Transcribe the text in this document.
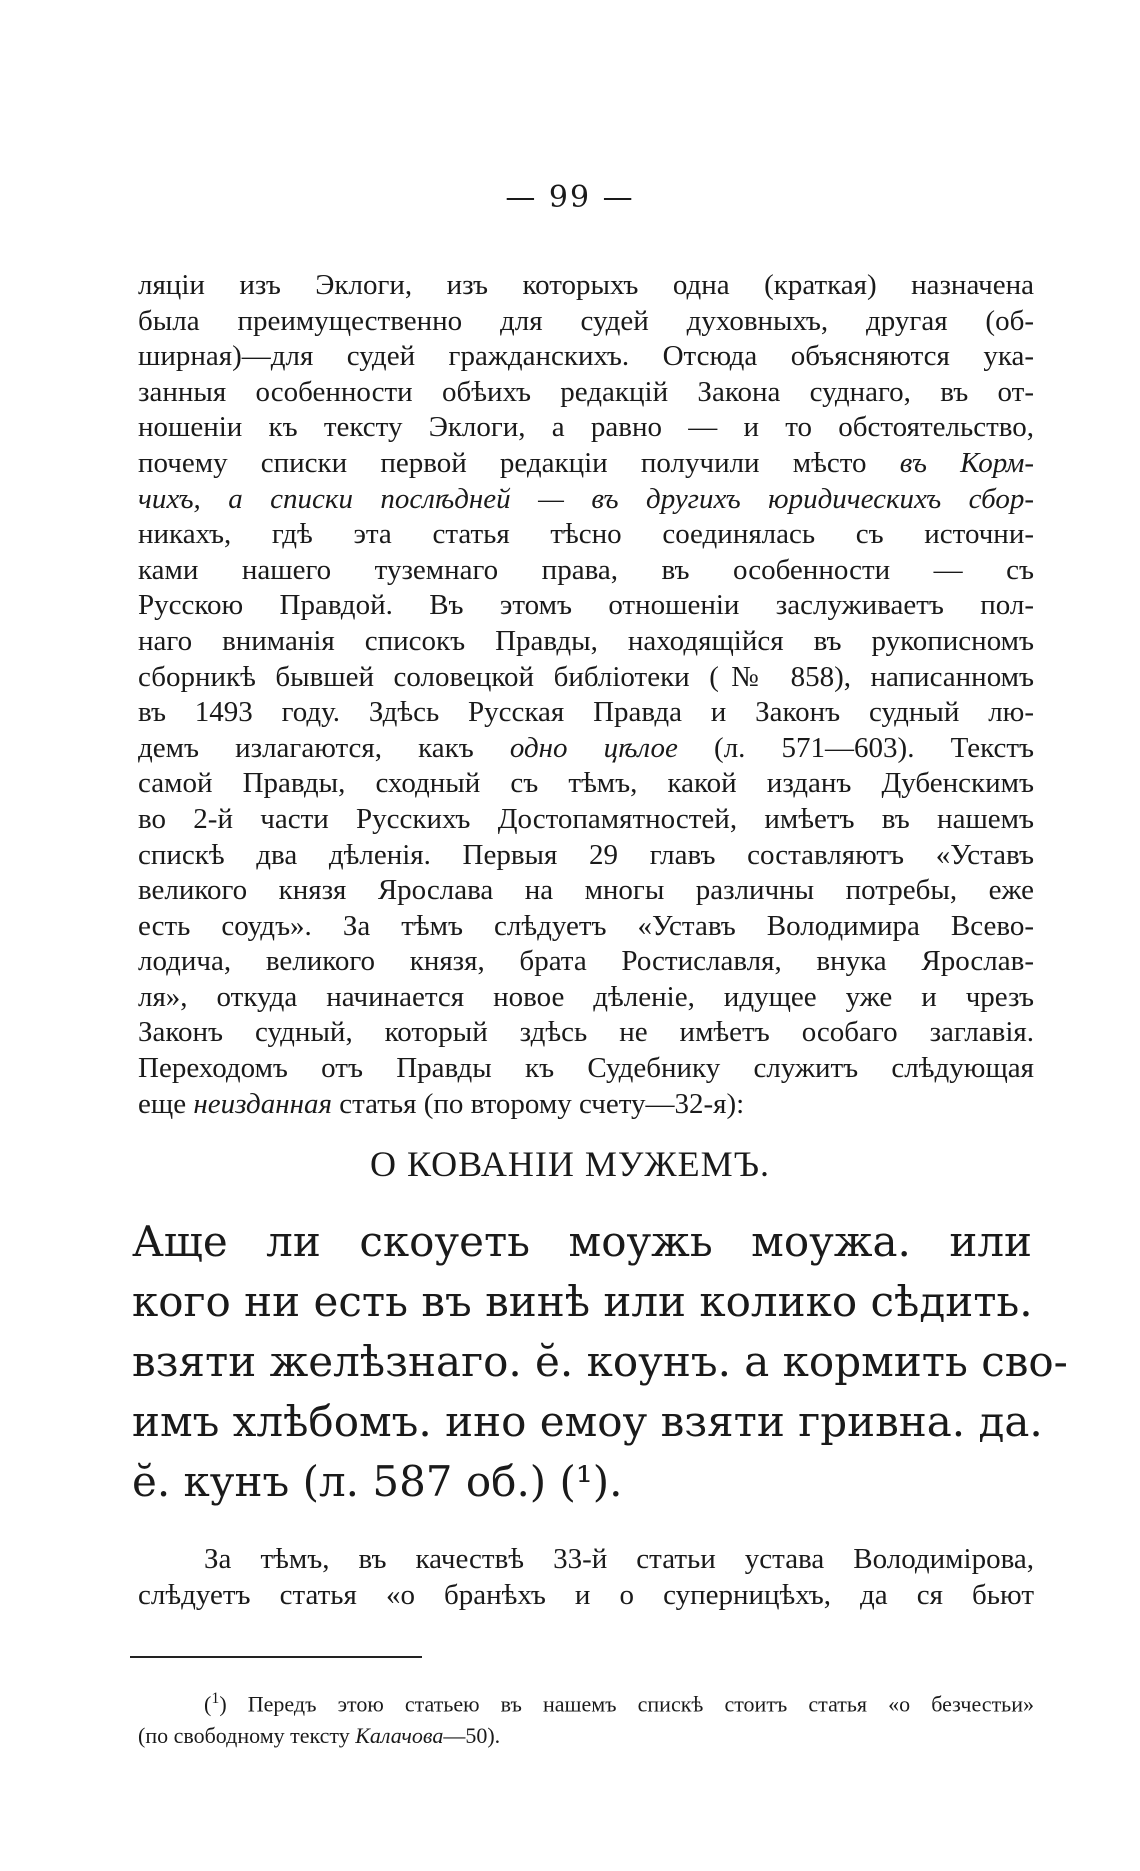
— 99 —
ляціи изъ Эклоги, изъ которыхъ одна (краткая) назначена
была преимущественно для судей духовныхъ, другая (об-
ширная)—для судей гражданскихъ. Отсюда объясняются ука-
занныя особенности обѣихъ редакцій Закона суднаго, въ от-
ношеніи къ тексту Эклоги, а равно — и то обстоятельство,
почему списки первой редакціи получили мѣсто въ Корм-
чихъ, а списки послѣдней — въ другихъ юридическихъ сбор-
никахъ, гдѣ эта статья тѣсно соединялась съ источни-
ками нашего туземнаго права, въ особенности — съ
Русскою Правдой. Въ этомъ отношеніи заслуживаетъ пол-
наго вниманія списокъ Правды, находящійся въ рукописномъ
сборникѣ бывшей соловецкой библіотеки (№ 858), написанномъ
въ 1493 году. Здѣсь Русская Правда и Законъ судный лю-
демъ излагаются, какъ одно цѣлое (л. 571—603). Текстъ
самой Правды, сходный съ тѣмъ, какой изданъ Дубенскимъ
во 2-й части Русскихъ Достопамятностей, имѣетъ въ нашемъ
спискѣ два дѣленія. Первыя 29 главъ составляютъ «Уставъ
великого князя Ярослава на многы различны потребы, еже
есть соудъ». За тѣмъ слѣдуетъ «Уставъ Володимира Всево-
лодича, великого князя, брата Ростиславля, внука Ярослав-
ля», откуда начинается новое дѣленіе, идущее уже и чрезъ
Законъ судный, который здѣсь не имѣетъ особаго заглавія.
Переходомъ отъ Правды къ Судебнику служитъ слѣдующая
еще неизданная статья (по второму счету—32-я):
О КОВАНІИ МУЖЕМЪ.
Аще ли скоуеть моужь моужа. или
кого ни есть въ винѣ или колико сѣдить.
взяти желѣзнаго. ӗ. коунъ. а кормить сво-
имъ хлѣбомъ. ино емоу взяти гривна. да.
ӗ. кунъ (л. 587 об.) (¹).
За тѣмъ, въ качествѣ 33-й статьи устава Володимірова,
слѣдуетъ статья «о бранѣхъ и о суперницѣхъ, да ся бьют
($^1$) Передъ этою статьею въ нашемъ спискѣ стоитъ статья «о безчестьи»
(по свободному тексту Калачова—50).
